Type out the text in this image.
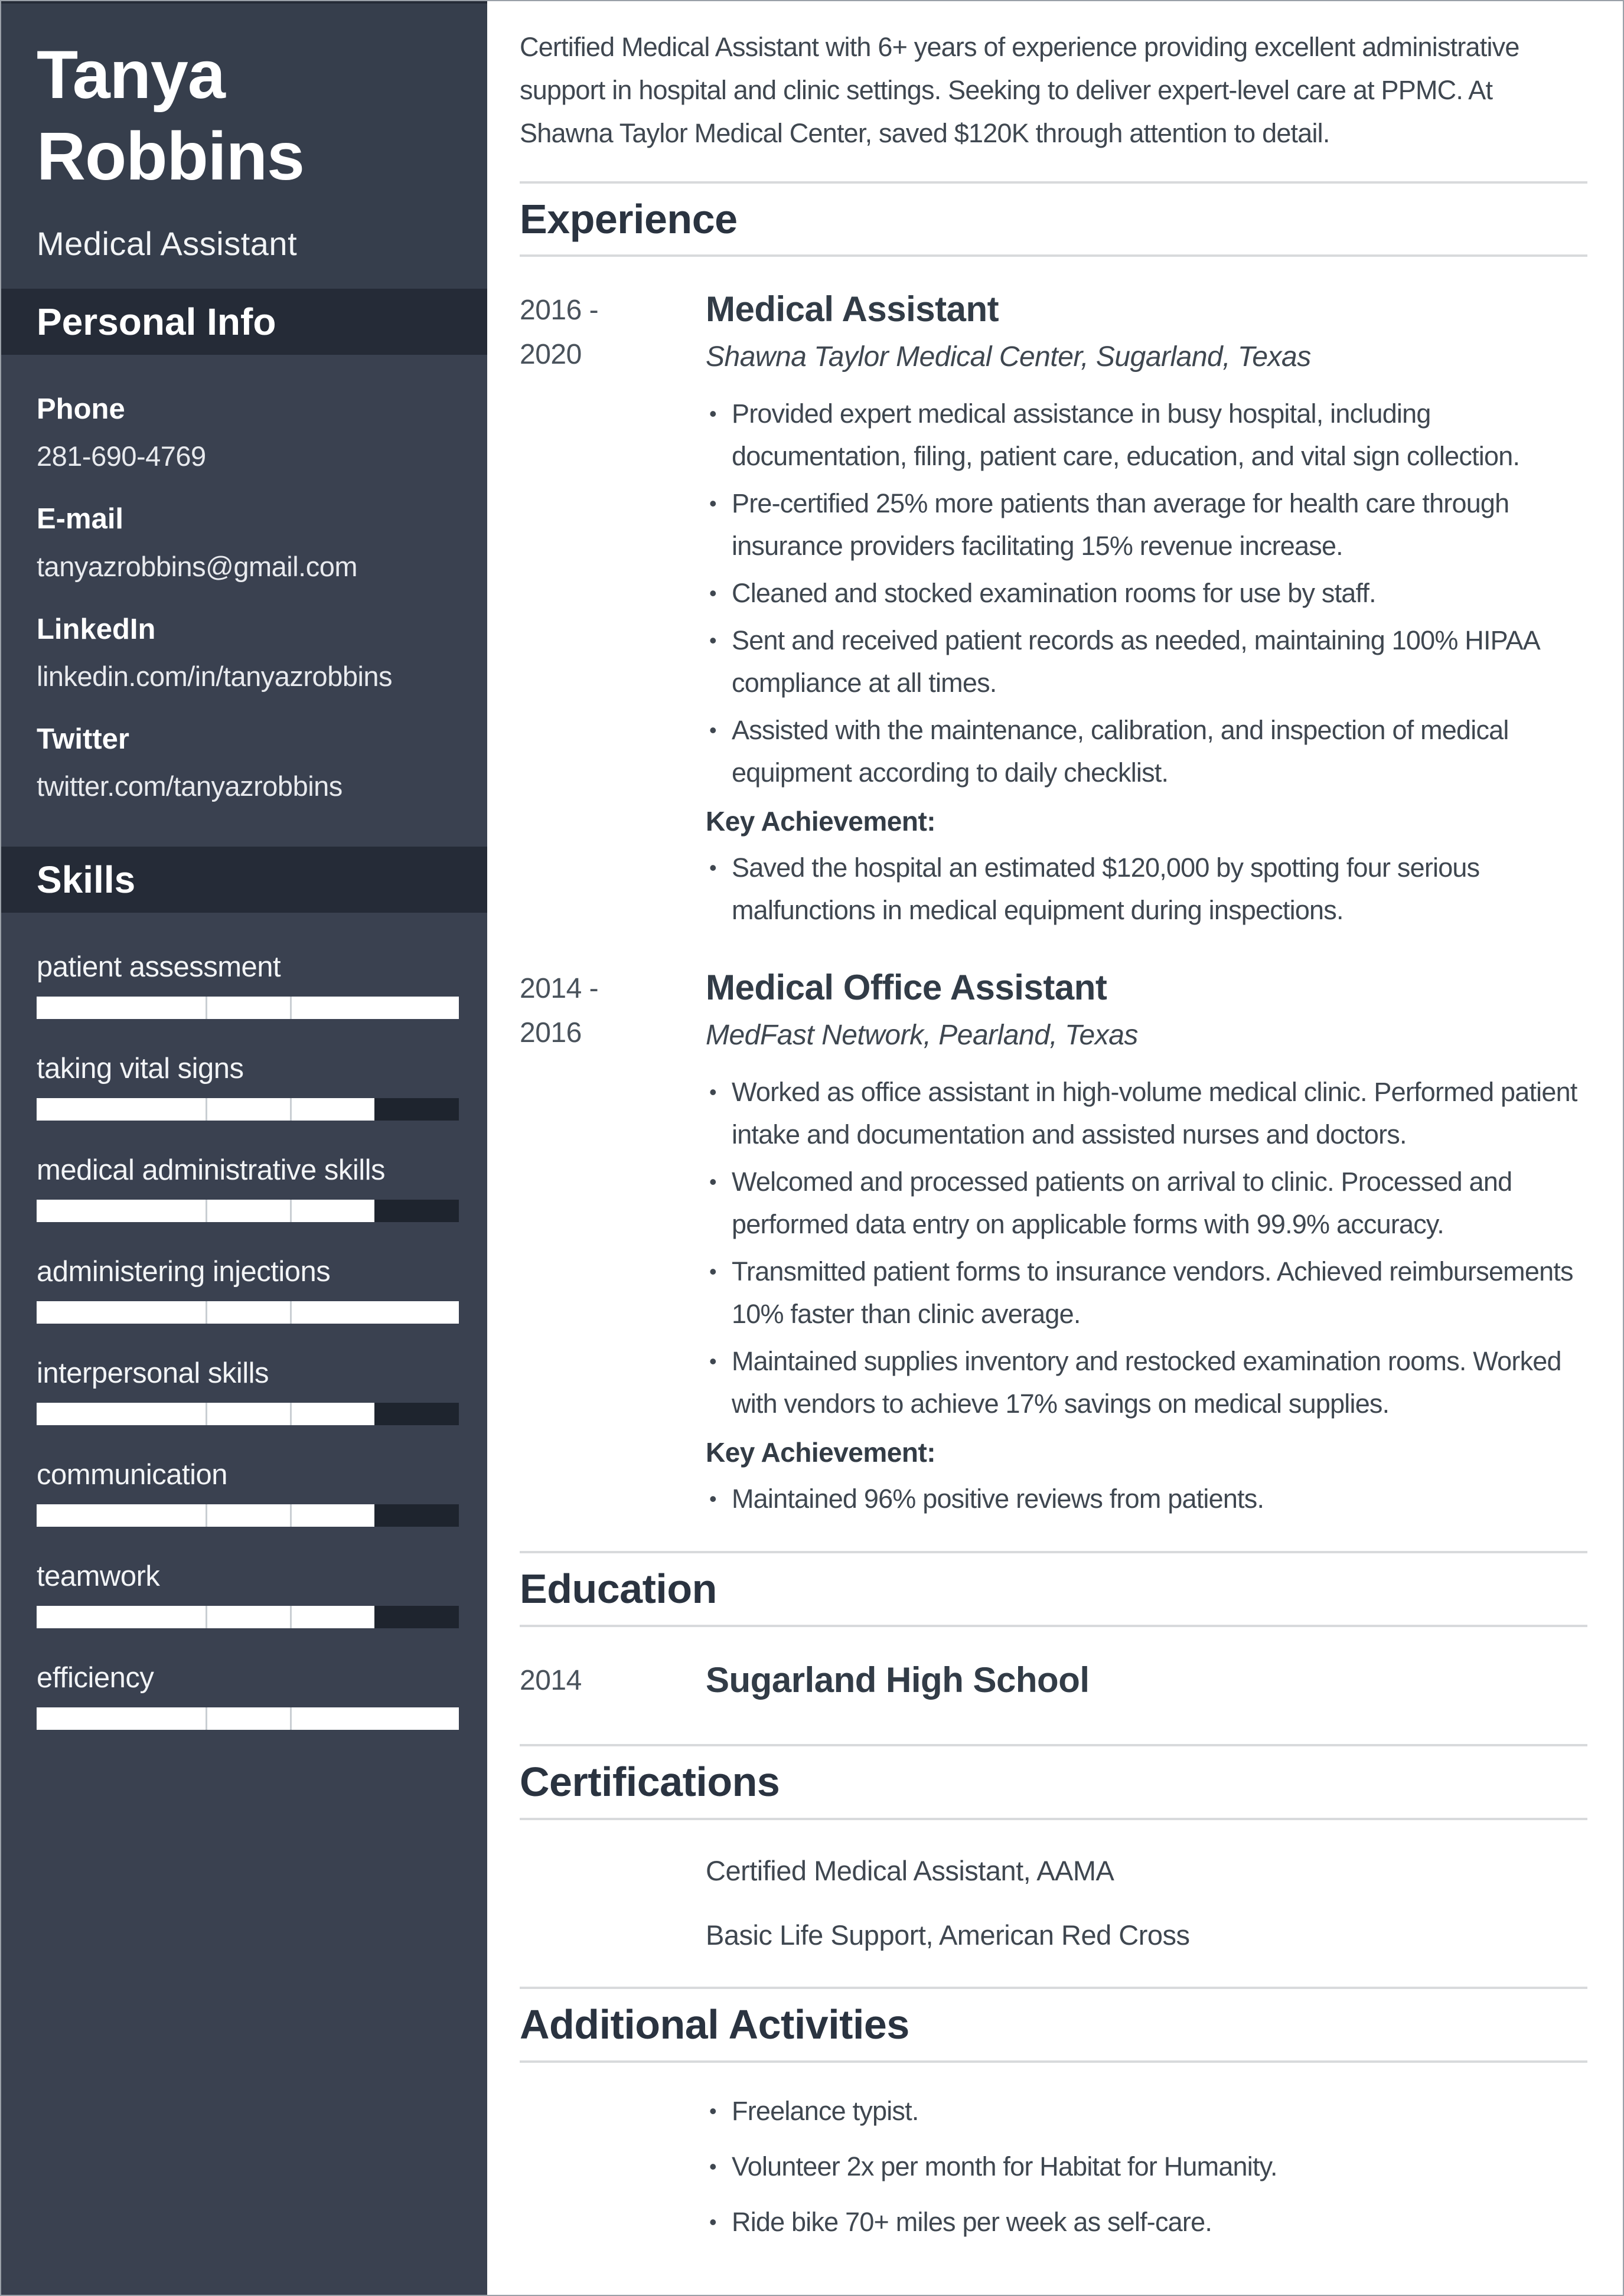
Tanya Robbins
Medical Assistant
Personal Info
Phone
281-690-4769
E-mail
tanyazrobbins@gmail.com
LinkedIn
linkedin.com/in/tanyazrobbins
Twitter
twitter.com/tanyazrobbins
Skills
patient assessment
taking vital signs
medical administrative skills
administering injections
interpersonal skills
communication
teamwork
efficiency

Certified Medical Assistant with 6+ years of experience providing excellent administrative support in hospital and clinic settings. Seeking to deliver expert-level care at PPMC. At Shawna Taylor Medical Center, saved $120K through attention to detail.

Experience
2016 -
2020
Medical Assistant
Shawna Taylor Medical Center, Sugarland, Texas
• Provided expert medical assistance in busy hospital, including documentation, filing, patient care, education, and vital sign collection.
• Pre-certified 25% more patients than average for health care through insurance providers facilitating 15% revenue increase.
• Cleaned and stocked examination rooms for use by staff.
• Sent and received patient records as needed, maintaining 100% HIPAA compliance at all times.
• Assisted with the maintenance, calibration, and inspection of medical equipment according to daily checklist.
Key Achievement:
• Saved the hospital an estimated $120,000 by spotting four serious malfunctions in medical equipment during inspections.
2014 -
2016
Medical Office Assistant
MedFast Network, Pearland, Texas
• Worked as office assistant in high-volume medical clinic. Performed patient intake and documentation and assisted nurses and doctors.
• Welcomed and processed patients on arrival to clinic. Processed and performed data entry on applicable forms with 99.9% accuracy.
• Transmitted patient forms to insurance vendors. Achieved reimbursements 10% faster than clinic average.
• Maintained supplies inventory and restocked examination rooms. Worked with vendors to achieve 17% savings on medical supplies.
Key Achievement:
• Maintained 96% positive reviews from patients.
Education
2014	Sugarland High School
Certifications
Certified Medical Assistant, AAMA
Basic Life Support, American Red Cross
Additional Activities
• Freelance typist.
• Volunteer 2x per month for Habitat for Humanity.
• Ride bike 70+ miles per week as self-care.
